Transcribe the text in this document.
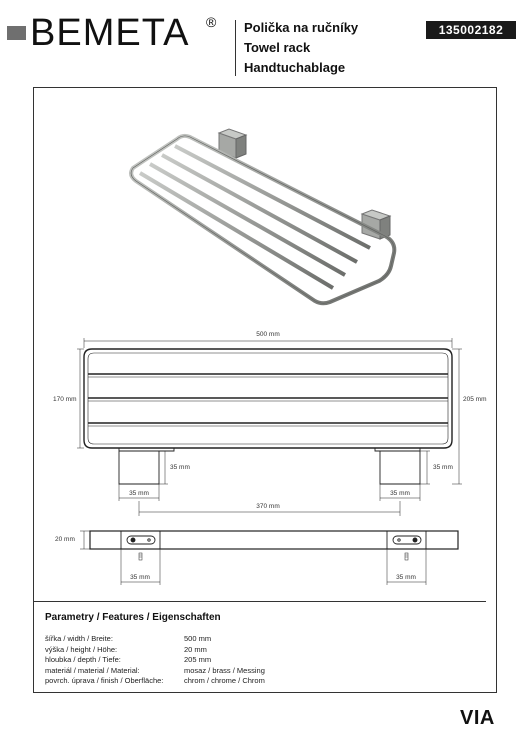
BEMETA ® Polička na ručníky
Towel rack
Handtuchablage
135002182
500 mm
170 mm	205 mm
35 mm	35 mm
35 mm	35 mm
370 mm
20 mm
35 mm	35 mm
Parametry / Features / Eigenschaften
šířka / width / Breite:	500 mm
výška / height / Höhe:	20 mm
hloubka / depth / Tiefe:	205 mm
materiál / material / Material:	mosaz / brass / Messing
povrch. úprava / finish / Oberfläche:	chrom / chrome / Chrom
VIA
